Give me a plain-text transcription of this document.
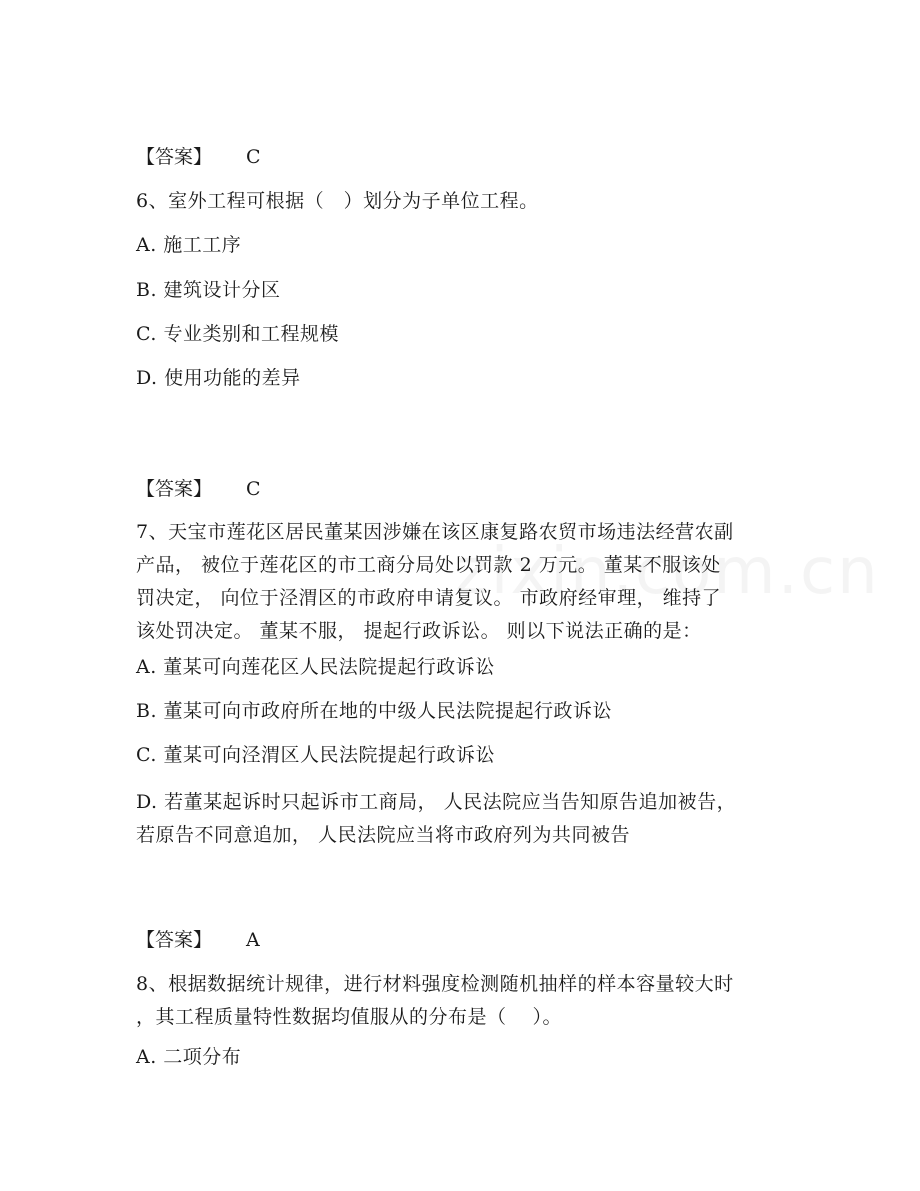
【答案】 C
6、室外工程可根据（　）划分为子单位工程。
A. 施工工序
B. 建筑设计分区
C. 专业类别和工程规模
D. 使用功能的差异
【答案】 C
7、天宝市莲花区居民董某因涉嫌在该区康复路农贸市场违法经营农副
产品， 被位于莲花区的市工商分局处以罚款 2 万元。 董某不服该处
罚决定， 向位于泾渭区的市政府申请复议。 市政府经审理， 维持了
该处罚决定。 董某不服， 提起行政诉讼。 则以下说法正确的是：
A. 董某可向莲花区人民法院提起行政诉讼
B. 董某可向市政府所在地的中级人民法院提起行政诉讼
C. 董某可向泾渭区人民法院提起行政诉讼
D. 若董某起诉时只起诉市工商局， 人民法院应当告知原告追加被告，
若原告不同意追加， 人民法院应当将市政府列为共同被告
【答案】 A
8、根据数据统计规律，进行材料强度检测随机抽样的样本容量较大时
，其工程质量特性数据均值服从的分布是（　 ）。
A. 二项分布
